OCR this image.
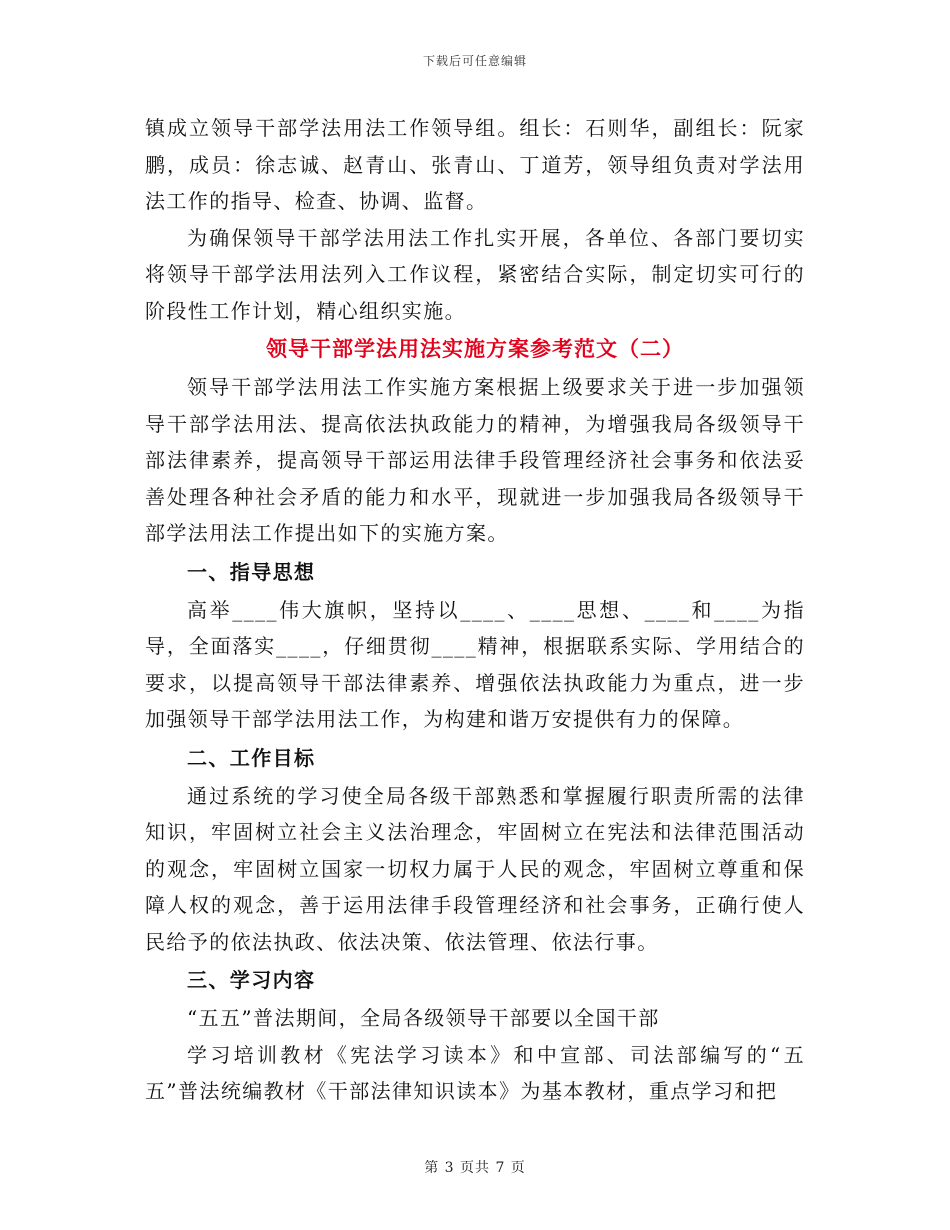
下载后可任意编辑

镇成立领导干部学法用法工作领导组。组长：石则华，副组长：阮家鹏，成员：徐志诚、赵青山、张青山、丁道芳，领导组负责对学法用法工作的指导、检查、协调、监督。

为确保领导干部学法用法工作扎实开展，各单位、各部门要切实将领导干部学法用法列入工作议程，紧密结合实际，制定切实可行的阶段性工作计划，精心组织实施。

领导干部学法用法实施方案参考范文（二）

领导干部学法用法工作实施方案根据上级要求关于进一步加强领导干部学法用法、提高依法执政能力的精神，为增强我局各级领导干部法律素养，提高领导干部运用法律手段管理经济社会事务和依法妥善处理各种社会矛盾的能力和水平，现就进一步加强我局各级领导干部学法用法工作提出如下的实施方案。

一、指导思想

高举____伟大旗帜，坚持以____、____思想、____和____为指导，全面落实____，仔细贯彻____精神，根据联系实际、学用结合的要求，以提高领导干部法律素养、增强依法执政能力为重点，进一步加强领导干部学法用法工作，为构建和谐万安提供有力的保障。

二、工作目标

通过系统的学习使全局各级干部熟悉和掌握履行职责所需的法律知识，牢固树立社会主义法治理念，牢固树立在宪法和法律范围活动的观念，牢固树立国家一切权力属于人民的观念，牢固树立尊重和保障人权的观念，善于运用法律手段管理经济和社会事务，正确行使人民给予的依法执政、依法决策、依法管理、依法行事。

三、学习内容

“五五”普法期间，全局各级领导干部要以全国干部

学习培训教材《宪法学习读本》和中宣部、司法部编写的“五五”普法统编教材《干部法律知识读本》为基本教材，重点学习和把

第 3 页共 7 页
